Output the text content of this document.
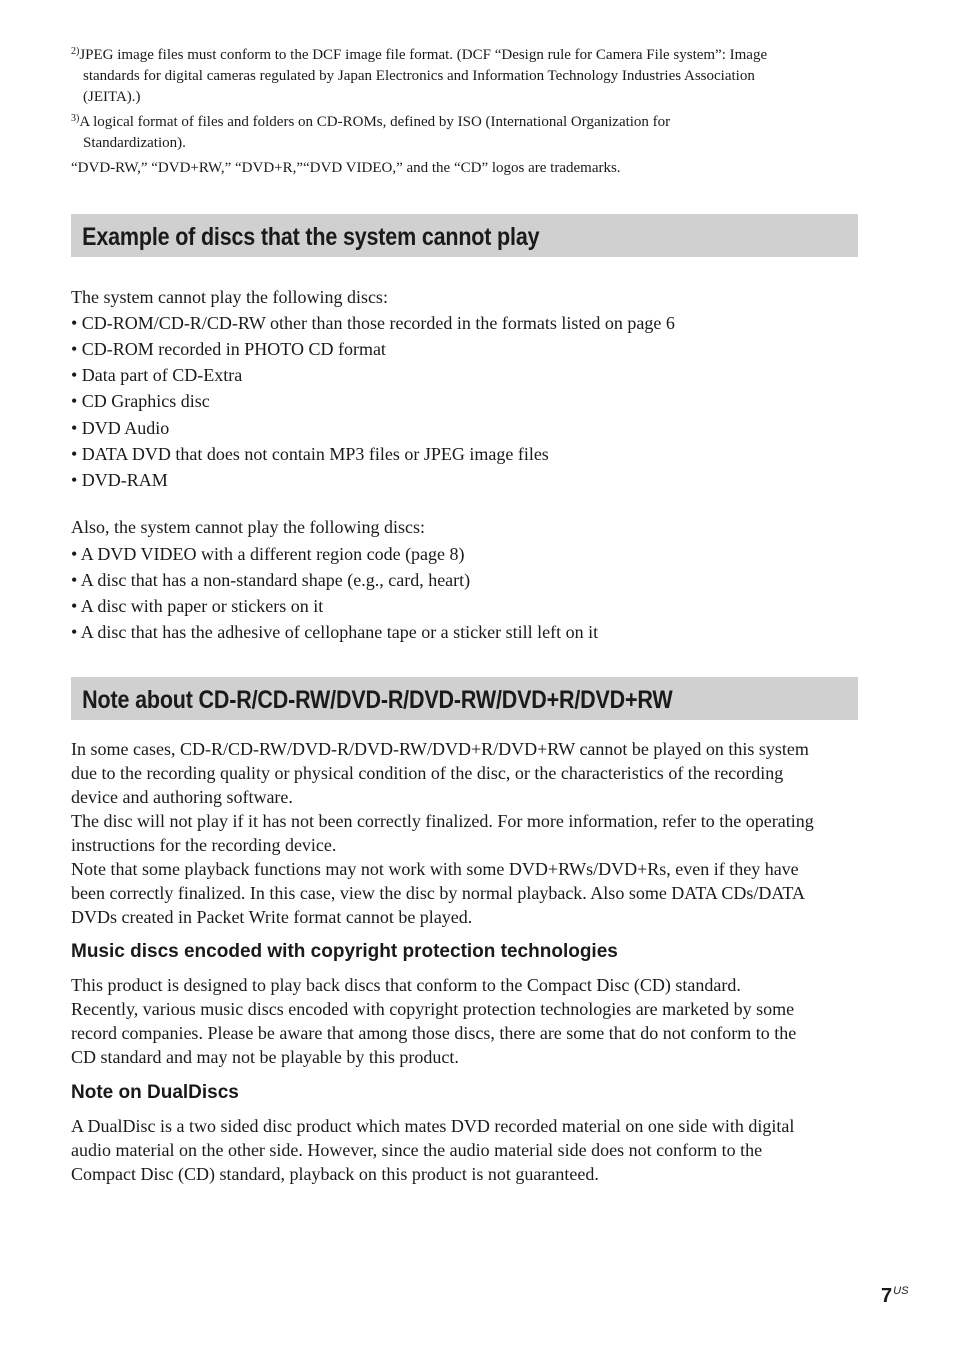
$^{2)}$JPEG image files must conform to the DCF image file format. (DCF “Design rule for Camera File system”: Image
standards for digital cameras regulated by Japan Electronics and Information Technology Industries Association
(JEITA).)
$^{3)}$A logical format of files and folders on CD-ROMs, defined by ISO (International Organization for
Standardization).
“DVD-RW,” “DVD+RW,” “DVD+R,”“DVD VIDEO,” and the “CD” logos are trademarks.
Example of discs that the system cannot play
The system cannot play the following discs:
• CD-ROM/CD-R/CD-RW other than those recorded in the formats listed on page 6
• CD-ROM recorded in PHOTO CD format
• Data part of CD-Extra
• CD Graphics disc
• DVD Audio
• DATA DVD that does not contain MP3 files or JPEG image files
• DVD-RAM
Also, the system cannot play the following discs:
• A DVD VIDEO with a different region code (page 8)
• A disc that has a non-standard shape (e.g., card, heart)
• A disc with paper or stickers on it
• A disc that has the adhesive of cellophane tape or a sticker still left on it
Note about CD-R/CD-RW/DVD-R/DVD-RW/DVD+R/DVD+RW
In some cases, CD-R/CD-RW/DVD-R/DVD-RW/DVD+R/DVD+RW cannot be played on this system
due to the recording quality or physical condition of the disc, or the characteristics of the recording
device and authoring software.
The disc will not play if it has not been correctly finalized. For more information, refer to the operating
instructions for the recording device.
Note that some playback functions may not work with some DVD+RWs/DVD+Rs, even if they have
been correctly finalized. In this case, view the disc by normal playback. Also some DATA CDs/DATA
DVDs created in Packet Write format cannot be played.
Music discs encoded with copyright protection technologies
This product is designed to play back discs that conform to the Compact Disc (CD) standard.
Recently, various music discs encoded with copyright protection technologies are marketed by some
record companies. Please be aware that among those discs, there are some that do not conform to the
CD standard and may not be playable by this product.
Note on DualDiscs
A DualDisc is a two sided disc product which mates DVD recorded material on one side with digital
audio material on the other side. However, since the audio material side does not conform to the
Compact Disc (CD) standard, playback on this product is not guaranteed.
$7^{US}$
